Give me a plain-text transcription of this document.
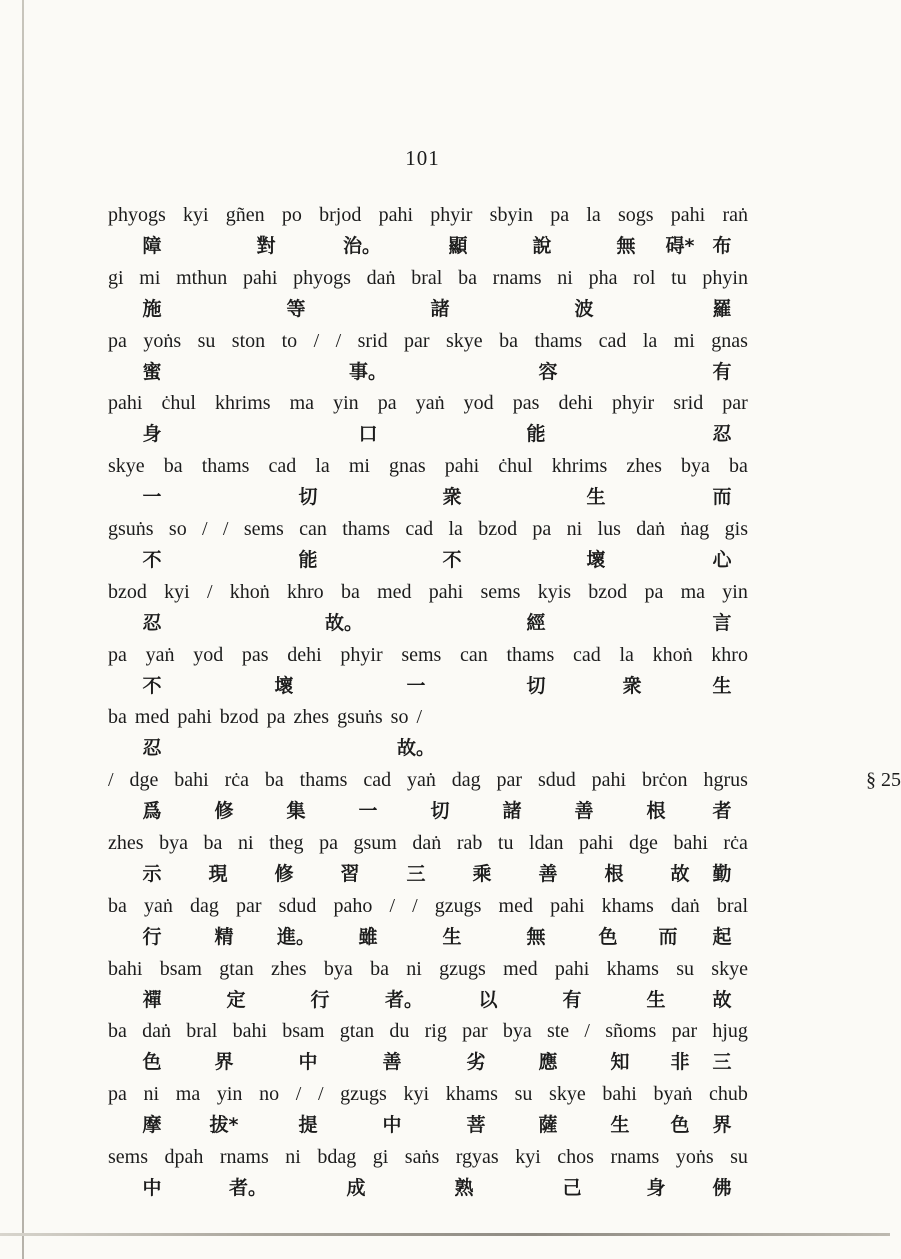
101
phyogs kyi gñen po brjod pahi phyir sbyin pa la sogs pahi raṅ
障	對	治。	顯	說	無 碍* 布
gi mi mthun pahi phyogs daṅ bral ba rnams ni pha rol tu phyin
施	等	諸	波	羅
pa yoṅs su ston to / / srid par skye ba thams cad la mi gnas
蜜	事。	容	有
pahi ċhul khrims ma yin pa yaṅ yod pas dehi phyir srid par
身	口	能	忍
skye ba thams cad la mi gnas pahi ċhul khrims zhes bya ba
一	切	衆	生	而
gsuṅs so / / sems can thams cad la bzod pa ni lus daṅ ṅag gis
不	能	不	壞	心
bzod kyi / khoṅ khro ba med pahi sems kyis bzod pa ma yin
忍	故。	經	言
pa yaṅ yod pas dehi phyir sems can thams cad la khoṅ khro
不	壞	一	切	衆	生
ba med pahi bzod pa zhes gsuṅs so /
忍	故。
/ dge bahi rċa ba thams cad yaṅ dag par sdud pahi brċon hgrus	§ 25
爲	修	集	一	切	諸	善	根 者
zhes bya ba ni theg pa gsum daṅ rab tu ldan pahi dge bahi rċa
示 現 修 習 三 乘 善 根 故 勤
ba yaṅ dag par sdud paho / / gzugs med pahi khams daṅ bral
行	精 進。 雖	生	無	色 而 起
bahi bsam gtan zhes bya ba ni gzugs med pahi khams su skye
禪	定	行	者。	以	有	生 故
ba daṅ bral bahi bsam gtan du rig par bya ste / sñoms par hjug
色	界	中	善	劣	應	知 非 三
pa ni ma yin no / / gzugs kyi khams su skye bahi byaṅ chub
摩	拔*	提	中	菩	薩	生 色 界
sems dpah rnams ni bdag gi saṅs rgyas kyi chos rnams yoṅs su
中	者。	成	熟	己	身 佛
